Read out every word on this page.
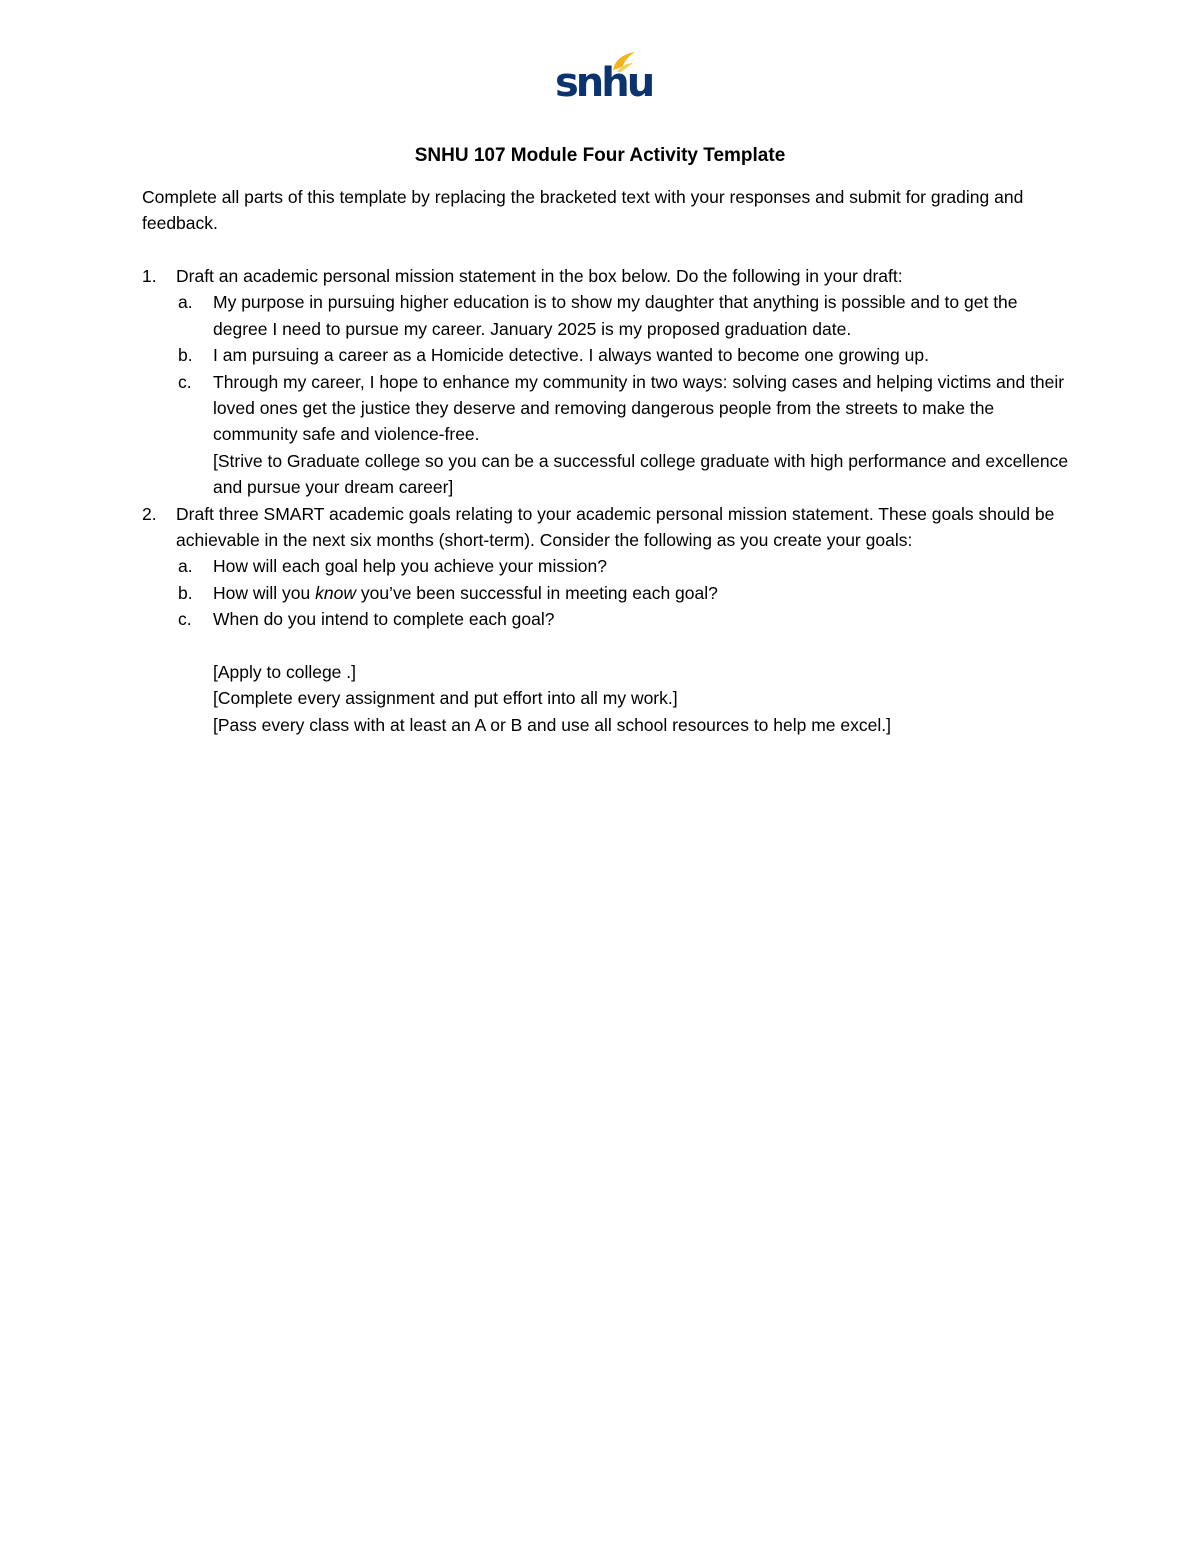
snhu
SNHU 107 Module Four Activity Template
Complete all parts of this template by replacing the bracketed text with your responses and submit for grading and feedback.
1. Draft an academic personal mission statement in the box below. Do the following in your draft:
a. My purpose in pursuing higher education is to show my daughter that anything is possible and to get the degree I need to pursue my career. January 2025 is my proposed graduation date.
b. I am pursuing a career as a Homicide detective. I always wanted to become one growing up.
c. Through my career, I hope to enhance my community in two ways: solving cases and helping victims and their loved ones get the justice they deserve and removing dangerous people from the streets to make the community safe and violence-free.
[Strive to Graduate college so you can be a successful college graduate with high performance and excellence and pursue your dream career]
2. Draft three SMART academic goals relating to your academic personal mission statement. These goals should be achievable in the next six months (short-term). Consider the following as you create your goals:
a. How will each goal help you achieve your mission?
b. How will you know you’ve been successful in meeting each goal?
c. When do you intend to complete each goal?
[Apply to college .]
[Complete every assignment and put effort into all my work.]
[Pass every class with at least an A or B and use all school resources to help me excel.]
